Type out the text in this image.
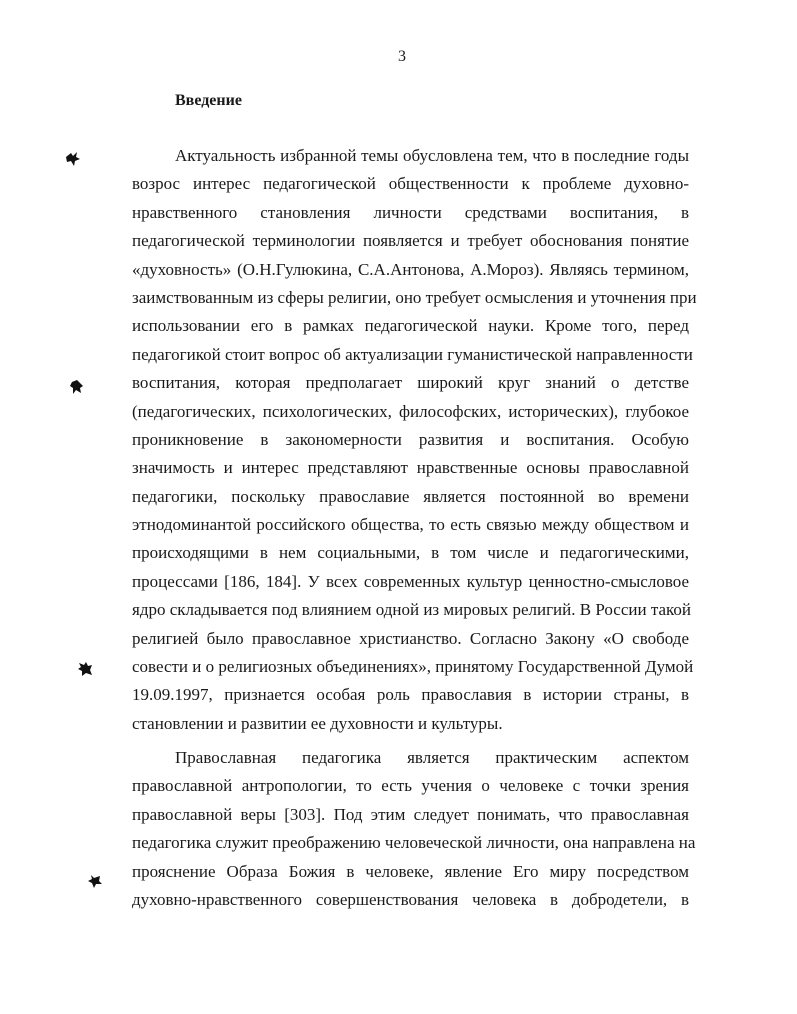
3
Введение
Актуальность избранной темы обусловлена тем, что в последние годы
возрос интерес педагогической общественности к проблеме духовно-
нравственного становления личности средствами воспитания, в
педагогической терминологии появляется и требует обоснования понятие
«духовность» (О.Н.Гулюкина, С.А.Антонова, А.Мороз). Являясь термином,
заимствованным из сферы религии, оно требует осмысления и уточнения при
использовании его в рамках педагогической науки. Кроме того, перед
педагогикой стоит вопрос об актуализации гуманистической направленности
воспитания, которая предполагает широкий круг знаний о детстве
(педагогических, психологических, философских, исторических), глубокое
проникновение в закономерности развития и воспитания. Особую
значимость и интерес представляют нравственные основы православной
педагогики, поскольку православие является постоянной во времени
этнодоминантой российского общества, то есть связью между обществом и
происходящими в нем социальными, в том числе и педагогическими,
процессами [186, 184]. У всех современных культур ценностно-смысловое
ядро складывается под влиянием одной из мировых религий. В России такой
религией было православное христианство. Согласно Закону «О свободе
совести и о религиозных объединениях», принятому Государственной Думой
19.09.1997, признается особая роль православия в истории страны, в
становлении и развитии ее духовности и культуры.
Православная педагогика является практическим аспектом
православной антропологии, то есть учения о человеке с точки зрения
православной веры [303]. Под этим следует понимать, что православная
педагогика служит преображению человеческой личности, она направлена на
прояснение Образа Божия в человеке, явление Его миру посредством
духовно-нравственного совершенствования человека в добродетели, в
